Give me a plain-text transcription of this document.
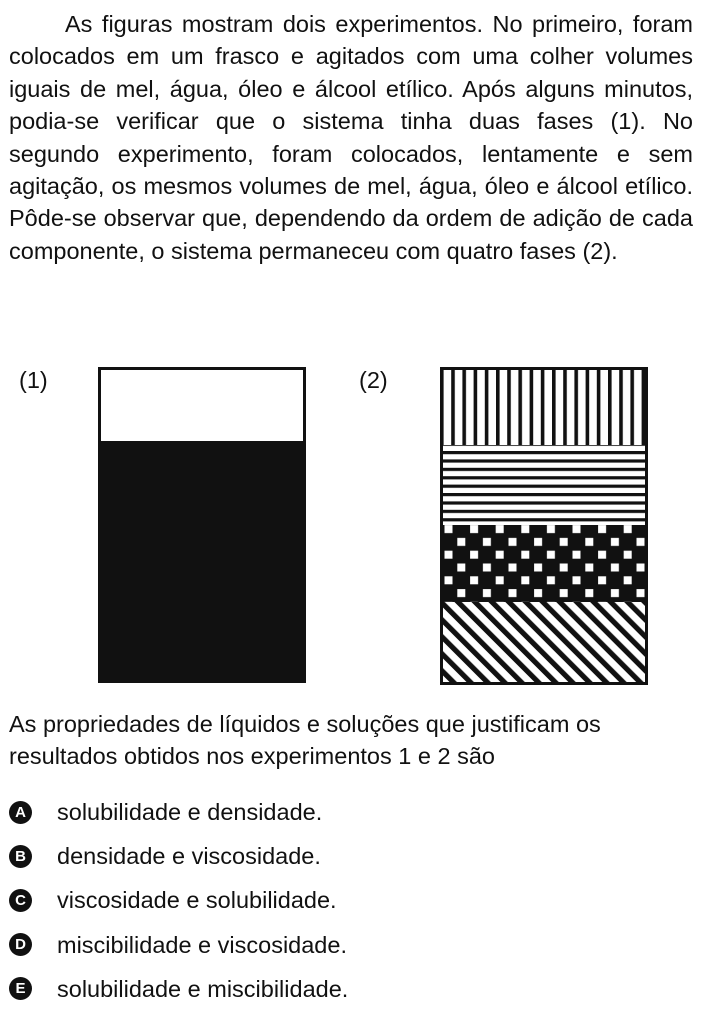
As figuras mostram dois experimentos. No primeiro, foram colocados em um frasco e agitados com uma colher volumes iguais de mel, água, óleo e álcool etílico. Após alguns minutos, podia-se verificar que o sistema tinha duas fases (1). No segundo experimento, foram colocados, lentamente e sem agitação, os mesmos volumes de mel, água, óleo e álcool etílico. Pôde-se observar que, dependendo da ordem de adição de cada componente, o sistema permaneceu com quatro fases (2).

(1)	(2)

As propriedades de líquidos e soluções que justificam os resultados obtidos nos experimentos 1 e 2 são

A solubilidade e densidade.
B densidade e viscosidade.
C viscosidade e solubilidade.
D miscibilidade e viscosidade.
E solubilidade e miscibilidade.
